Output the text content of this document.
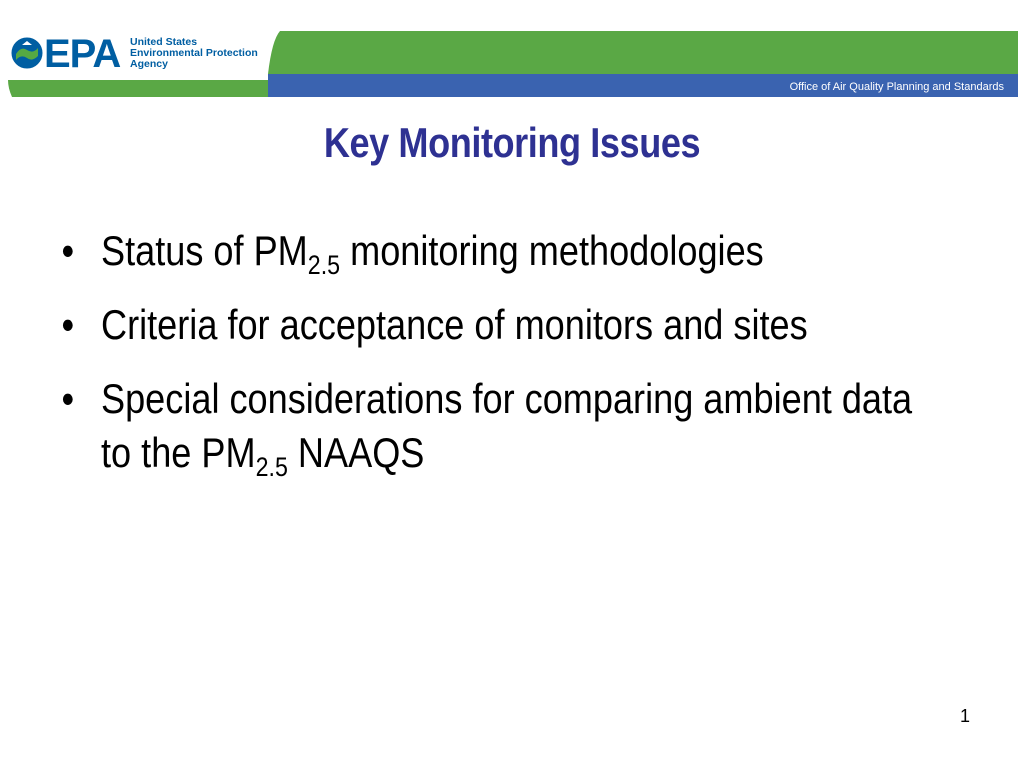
EPA United States
Environmental Protection
Agency
Office of Air Quality Planning and Standards
Key Monitoring Issues
• Status of $PM_{2.5}$ monitoring methodologies
• Criteria for acceptance of monitors and sites
• Special considerations for comparing ambient data to the $PM_{2.5}$ NAAQS
1
